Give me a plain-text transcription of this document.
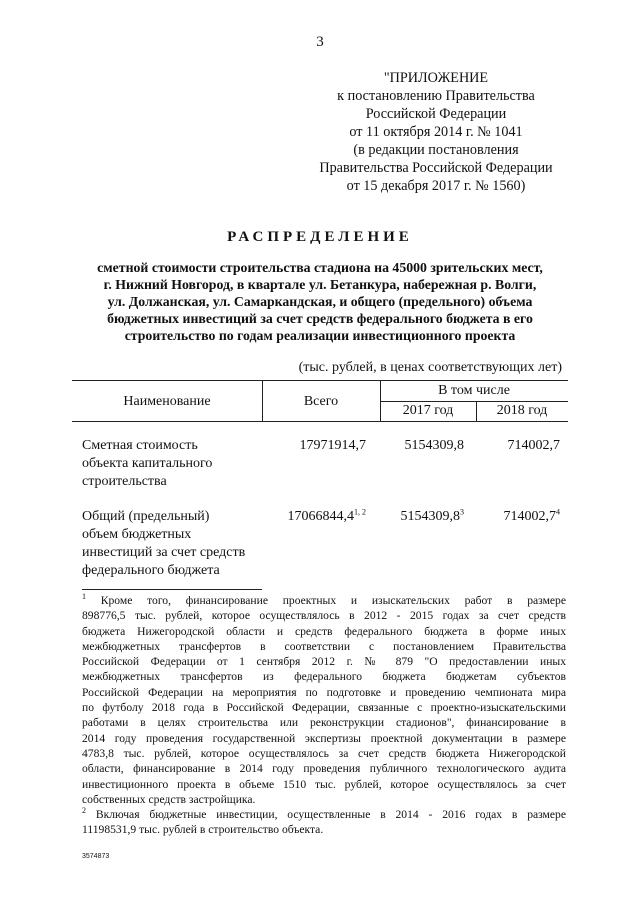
3
"ПРИЛОЖЕНИЕ
к постановлению Правительства
Российской Федерации
от 11 октября 2014 г. № 1041
(в редакции постановления
Правительства Российской Федерации
от 15 декабря 2017 г. № 1560)
РАСПРЕДЕЛЕНИЕ
сметной стоимости строительства стадиона на 45000 зрительских мест,
г. Нижний Новгород, в квартале ул. Бетанкура, набережная р. Волги,
ул. Должанская, ул. Самаркандская, и общего (предельного) объема
бюджетных инвестиций за счет средств федерального бюджета в его
строительство по годам реализации инвестиционного проекта
(тыс. рублей, в ценах соответствующих лет)
Наименование	Всего
В том числе
2017 год	2018 год
Сметная стоимость
объекта капитального
строительства
17971914,7	5154309,8	714002,7
Общий (предельный)
объем бюджетных
инвестиций за счет средств
федерального бюджета
17066844,4$^{1, 2}$	5154309,8$^3$	714002,7$^4$
$^1$ Кроме того, финансирование проектных и изыскательских работ в размере
898776,5 тыс. рублей, которое осуществлялось в 2012 - 2015 годах за счет средств
бюджета Нижегородской области и средств федерального бюджета в форме иных
межбюджетных трансфертов в соответствии с постановлением Правительства
Российской Федерации от 1 сентября 2012 г. № 879 "О предоставлении иных
межбюджетных трансфертов из федерального бюджета бюджетам субъектов
Российской Федерации на мероприятия по подготовке и проведению чемпионата мира
по футболу 2018 года в Российской Федерации, связанные с проектно-изыскательскими
работами в целях строительства или реконструкции стадионов", финансирование в
2014 году проведения государственной экспертизы проектной документации в размере
4783,8 тыс. рублей, которое осуществлялось за счет средств бюджета Нижегородской
области, финансирование в 2014 году проведения публичного технологического аудита
инвестиционного проекта в объеме 1510 тыс. рублей, которое осуществлялось за счет
собственных средств застройщика.
$^2$ Включая бюджетные инвестиции, осуществленные в 2014 - 2016 годах в размере
11198531,9 тыс. рублей в строительство объекта.
3574873
